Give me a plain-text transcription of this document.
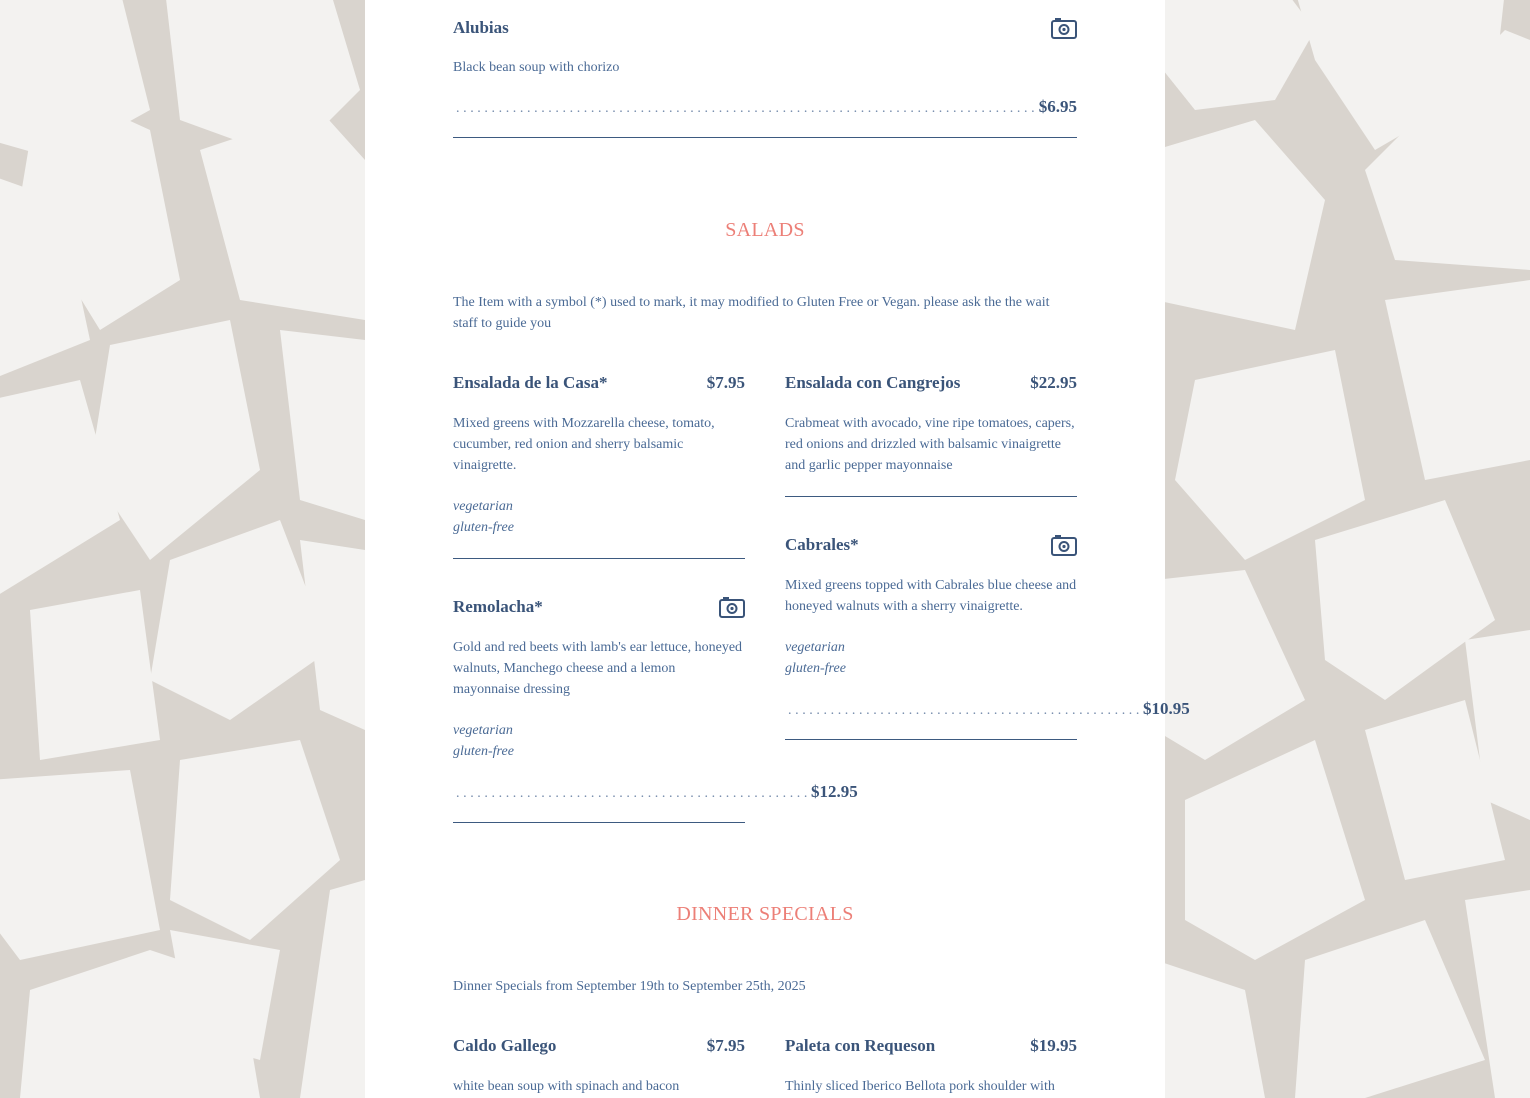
Alubias
Black bean soup with chorizo
.................................................................................. $6.95
SALADS
The Item with a symbol (*) used to mark, it may modified to Gluten Free or Vegan. please ask the the wait staff to guide you
Ensalada de la Casa*	$7.95
Mixed greens with Mozzarella cheese, tomato, cucumber, red onion and sherry balsamic vinaigrette.
vegetarian
gluten-free
Ensalada con Cangrejos	$22.95
Crabmeat with avocado, vine ripe tomatoes, capers, red onions and drizzled with balsamic vinaigrette and garlic pepper mayonnaise
Remolacha*
Gold and red beets with lamb's ear lettuce, honeyed walnuts, Manchego cheese and a lemon mayonnaise dressing
vegetarian
gluten-free
.................................................. $12.95
Cabrales*
Mixed greens topped with Cabrales blue cheese and honeyed walnuts with a sherry vinaigrette.
vegetarian
gluten-free
.................................................. $10.95
DINNER SPECIALS
Dinner Specials from September 19th to September 25th, 2025
Caldo Gallego	$7.95
white bean soup with spinach and bacon
Paleta con Requeson	$19.95
Thinly sliced Iberico Bellota pork shoulder with
